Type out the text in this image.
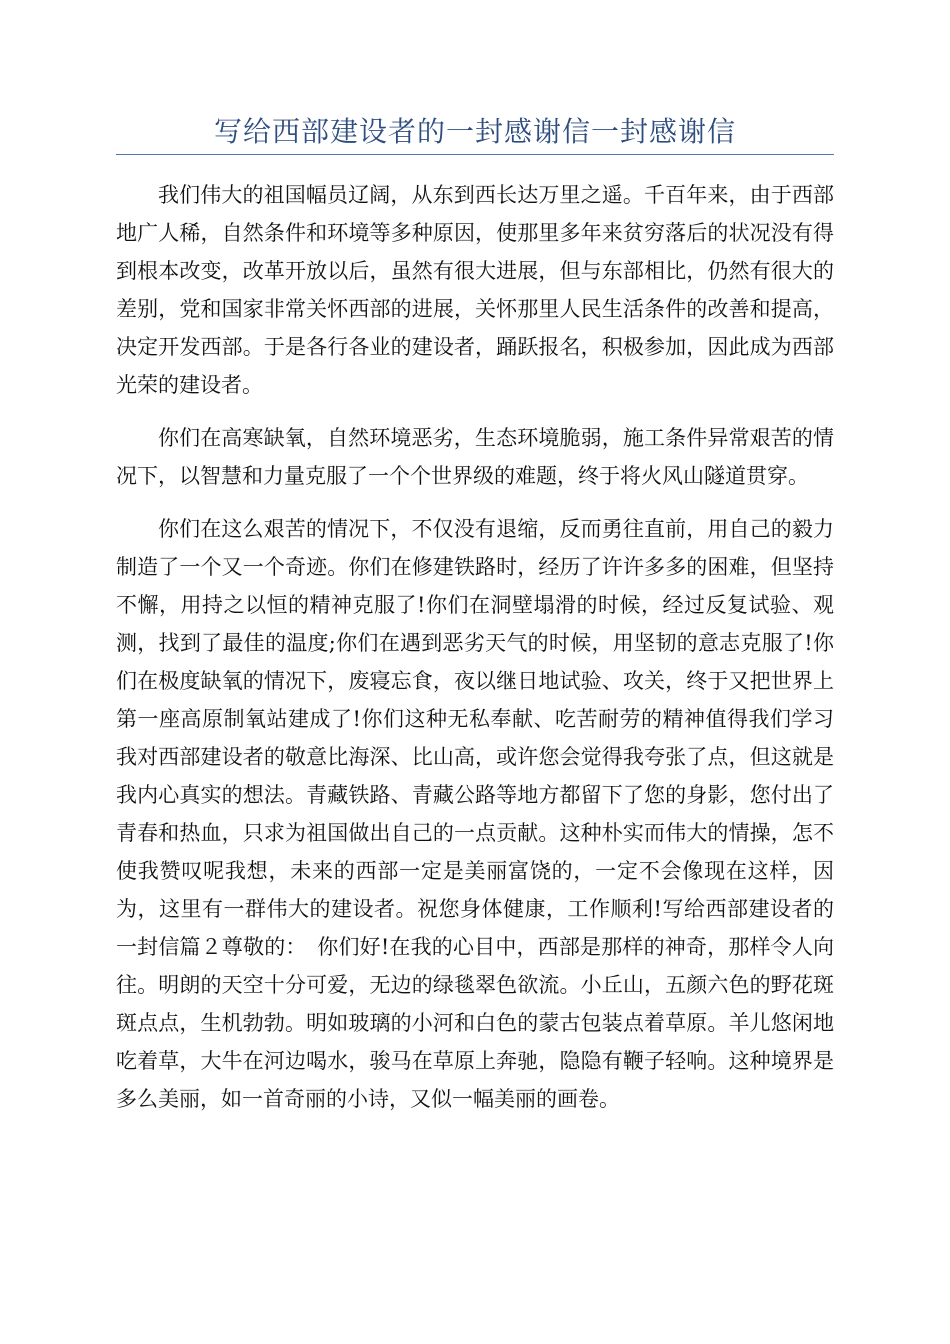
写给西部建设者的一封感谢信一封感谢信

我们伟大的祖国幅员辽阔，从东到西长达万里之遥。千百年来，由于西部地广人稀，自然条件和环境等多种原因，使那里多年来贫穷落后的状况没有得到根本改变，改革开放以后，虽然有很大进展，但与东部相比，仍然有很大的差别，党和国家非常关怀西部的进展，关怀那里人民生活条件的改善和提高，决定开发西部。于是各行各业的建设者，踊跃报名，积极参加，因此成为西部光荣的建设者。

你们在高寒缺氧，自然环境恶劣，生态环境脆弱，施工条件异常艰苦的情况下，以智慧和力量克服了一个个世界级的难题，终于将火风山隧道贯穿。

你们在这么艰苦的情况下，不仅没有退缩，反而勇往直前，用自己的毅力制造了一个又一个奇迹。你们在修建铁路时，经历了许许多多的困难，但坚持不懈，用持之以恒的精神克服了!你们在洞壁塌滑的时候，经过反复试验、观测，找到了最佳的温度;你们在遇到恶劣天气的时候，用坚韧的意志克服了!你们在极度缺氧的情况下，废寝忘食，夜以继日地试验、攻关，终于又把世界上第一座高原制氧站建成了!你们这种无私奉献、吃苦耐劳的精神值得我们学习我对西部建设者的敬意比海深、比山高，或许您会觉得我夸张了点，但这就是我内心真实的想法。青藏铁路、青藏公路等地方都留下了您的身影，您付出了青春和热血，只求为祖国做出自己的一点贡献。这种朴实而伟大的情操，怎不使我赞叹呢我想，未来的西部一定是美丽富饶的，一定不会像现在这样，因为，这里有一群伟大的建设者。祝您身体健康，工作顺利!写给西部建设者的一封信篇２尊敬的：　你们好!在我的心目中，西部是那样的神奇，那样令人向往。明朗的天空十分可爱，无边的绿毯翠色欲流。小丘山，五颜六色的野花斑斑点点，生机勃勃。明如玻璃的小河和白色的蒙古包装点着草原。羊儿悠闲地吃着草，大牛在河边喝水，骏马在草原上奔驰，隐隐有鞭子轻响。这种境界是多么美丽，如一首奇丽的小诗，又似一幅美丽的画卷。
